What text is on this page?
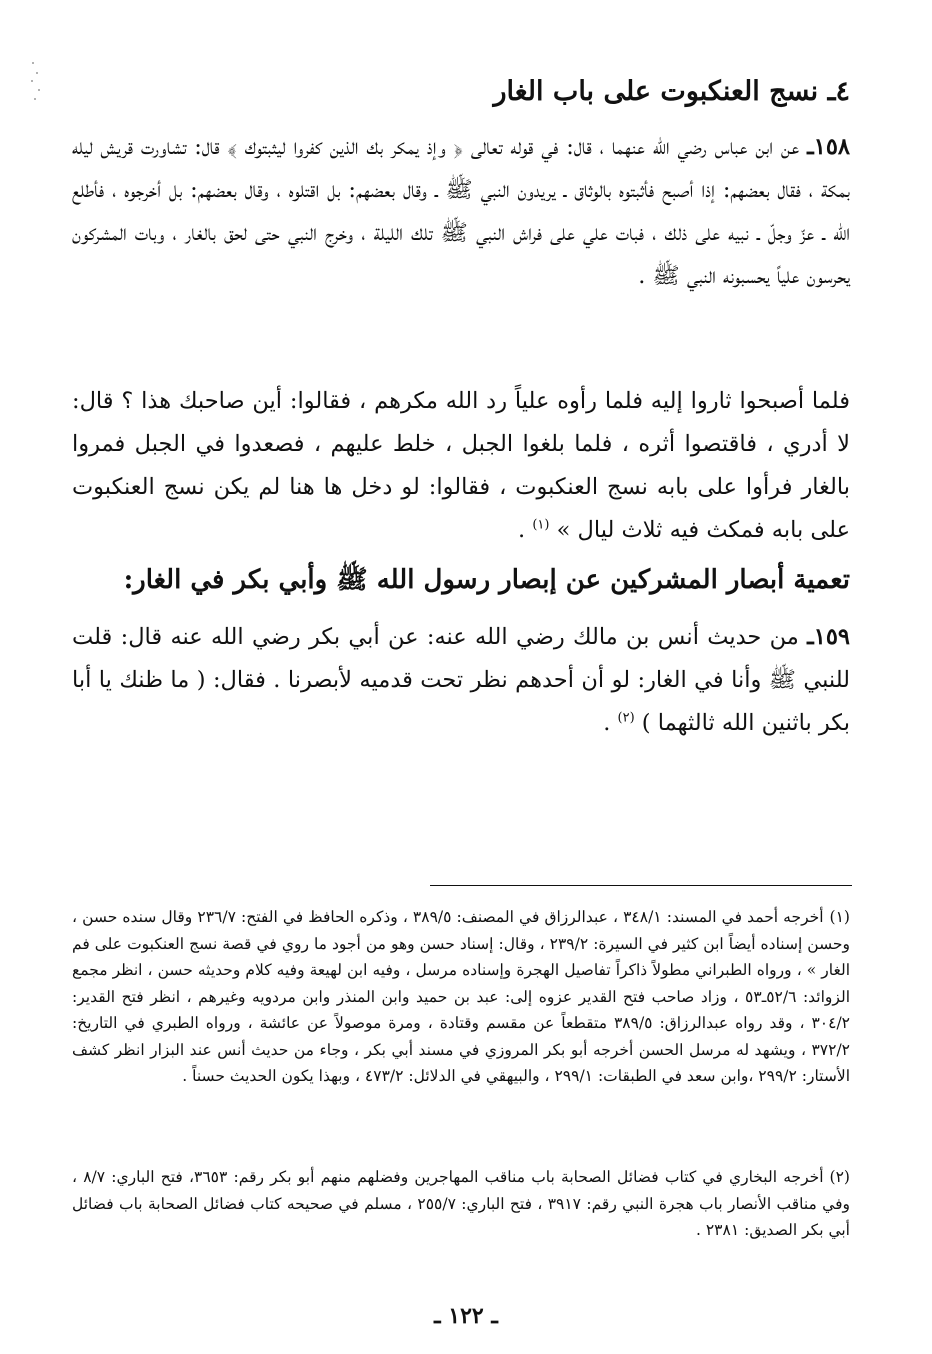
٤ـ نسج العنكبوت على باب الغار
١٥٨ـ عن ابن عباس رضي الله عنهما ، قال: في قوله تعالى ﴿ وإذ يمكر بك الذين كفروا ليثبتوك ﴾ قال: تشاورت قريش ليله بمكة ، فقال بعضهم: إذا أصبح فأثبتوه بالوثاق ـ يريدون النبي ﷺ ـ وقال بعضهم: بل اقتلوه ، وقال بعضهم: بل أخرجوه ، فأطلع الله ـ عزّ وجلّ ـ نبيه على ذلك ، فبات علي على فراش النبي ﷺ تلك الليلة ، وخرج النبي حتى لحق بالغار ، وبات المشركون يحرسون علياً يحسبونه النبي ﷺ .
فلما أصبحوا ثاروا إليه فلما رأوه علياً رد الله مكرهم ، فقالوا: أين صاحبك هذا ؟ قال: لا أدري ، فاقتصوا أثره ، فلما بلغوا الجبل ، خلط عليهم ، فصعدوا في الجبل فمروا بالغار فرأوا على بابه نسج العنكبوت ، فقالوا: لو دخل ها هنا لم يكن نسج العنكبوت على بابه فمكث فيه ثلاث ليال » $^{(١)}$ .
تعمية أبصار المشركين عن إبصار رسول الله ﷺ وأبي بكر في الغار:
١٥٩ـ من حديث أنس بن مالك رضي الله عنه: عن أبي بكر رضي الله عنه قال: قلت للنبي ﷺ وأنا في الغار: لو أن أحدهم نظر تحت قدميه لأبصرنا . فقال: ( ما ظنك يا أبا بكر باثنين الله ثالثهما ) $^{(٢)}$ .
(١)أخرجه أحمد في المسند: ٣٤٨/١ ، عبدالرزاق في المصنف: ٣٨٩/٥ ، وذكره الحافظ في الفتح: ٢٣٦/٧ وقال سنده حسن ، وحسن إسناده أيضاً ابن كثير في السيرة: ٢٣٩/٢ ، وقال: إسناد حسن وهو من أجود ما روي في قصة نسج العنكبوت على فم الغار » ، ورواه الطبراني مطولاً ذاكراً تفاصيل الهجرة وإسناده مرسل ، وفيه ابن لهيعة وفيه كلام وحديثه حسن ، انظر مجمع الزوائد: ٥٢/٦ـ٥٣ ، وزاد صاحب فتح القدير عزوه إلى: عبد بن حميد وابن المنذر وابن مردويه وغيرهم ، انظر فتح القدير: ٣٠٤/٢ ، وقد رواه عبدالرزاق: ٣٨٩/٥ متقطعاً عن مقسم وقتادة ، ومرة موصولاً عن عائشة ، ورواه الطبري في التاريخ: ٣٧٢/٢ ، ويشهد له مرسل الحسن أخرجه أبو بكر المروزي في مسند أبي بكر ، وجاء من حديث أنس عند البزار انظر كشف الأستار: ٢٩٩/٢ ،وابن سعد في الطبقات: ٢٩٩/١ ، والبيهقي في الدلائل: ٤٧٣/٢ ، وبهذا يكون الحديث حسناً .
(٢)أخرجه البخاري في كتاب فضائل الصحابة باب مناقب المهاجرين وفضلهم منهم أبو بكر رقم: ٣٦٥٣، فتح الباري: ٨/٧ ، وفي مناقب الأنصار باب هجرة النبي رقم: ٣٩١٧ ، فتح الباري: ٢٥٥/٧ ، مسلم في صحيحه كتاب فضائل الصحابة باب فضائل أبي بكر الصديق: ٢٣٨١ .
ـ ١٢٢ ـ
